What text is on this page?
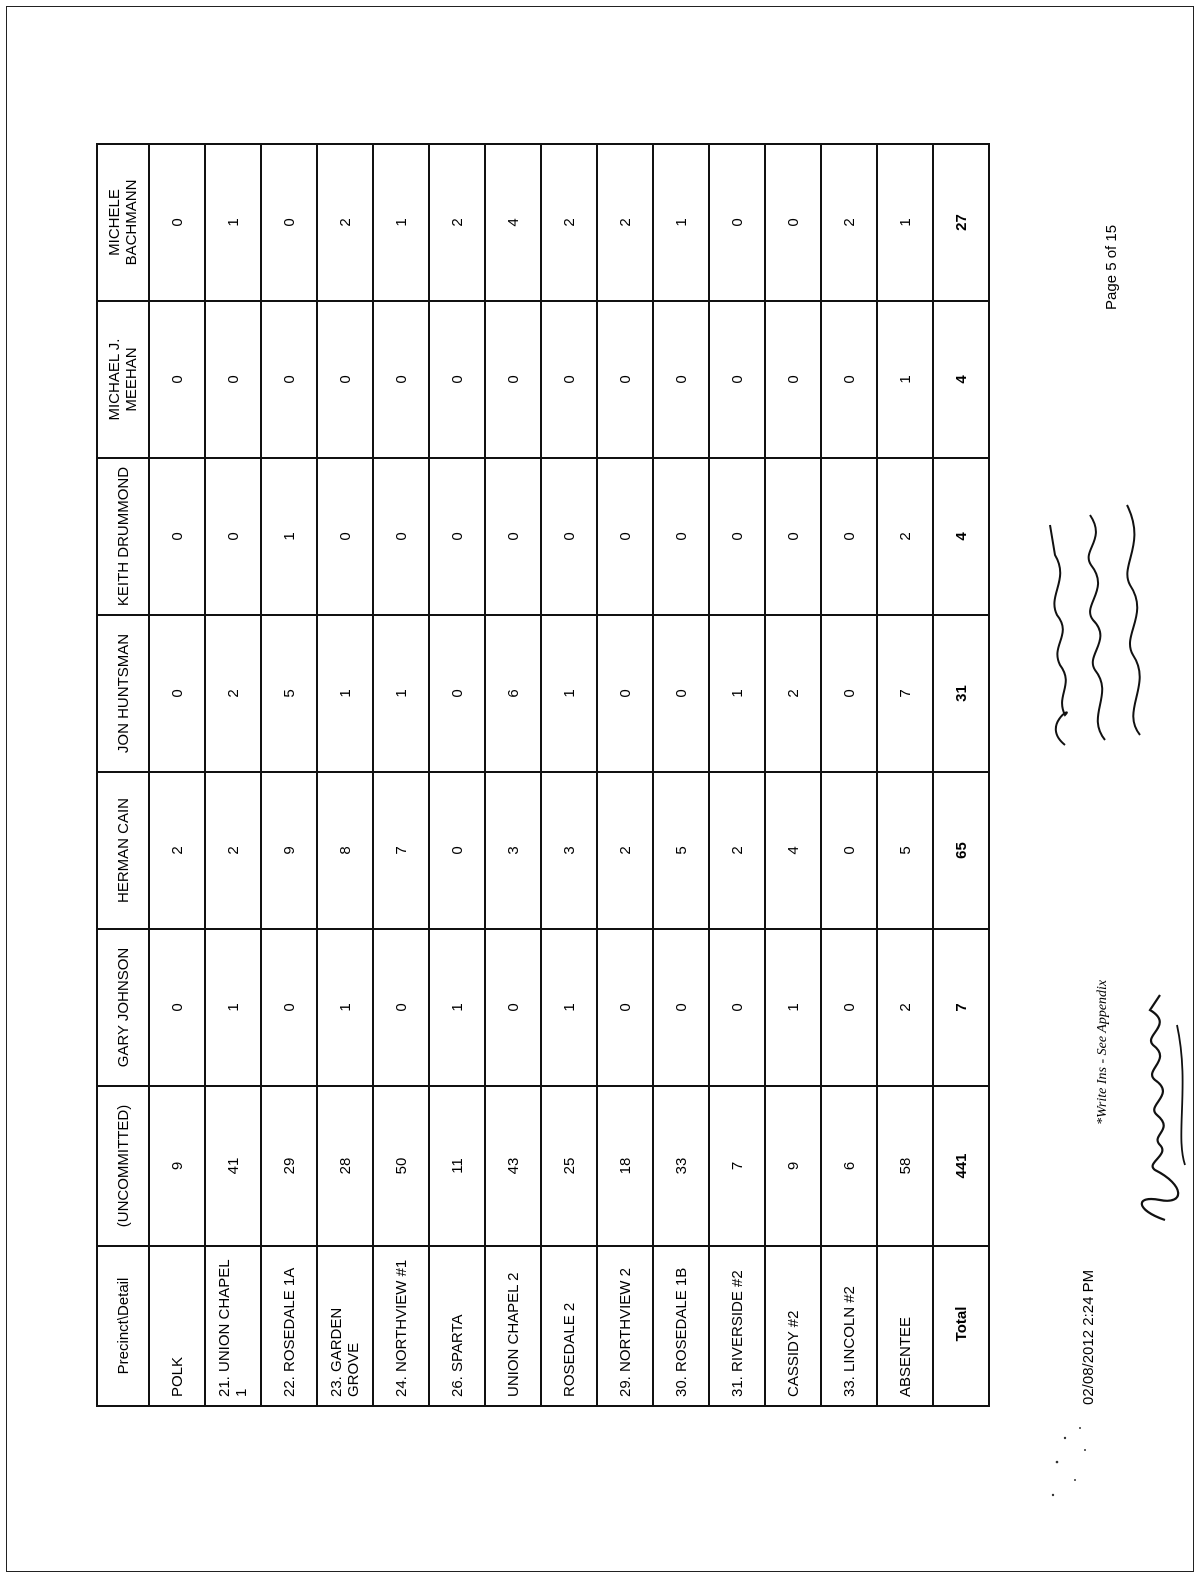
Precinct\Detail	(UNCOMMITTED)	GARY JOHNSON	HERMAN CAIN	JON HUNTSMAN	KEITH DRUMMOND	MICHAEL J. MEEHAN	MICHELE BACHMANN
POLK	9	0	2	0	0	0	0
21. UNION CHAPEL 1	41	1	2	2	0	0	1
22. ROSEDALE 1A	29	0	9	5	1	0	0
23. GARDEN GROVE	28	1	8	1	0	0	2
24. NORTHVIEW #1	50	0	7	1	0	0	1
26. SPARTA	11	1	0	0	0	0	2
UNION CHAPEL 2	43	0	3	6	0	0	4
ROSEDALE 2	25	1	3	1	0	0	2
29. NORTHVIEW 2	18	0	2	0	0	0	2
30. ROSEDALE 1B	33	0	5	0	0	0	1
31. RIVERSIDE #2	7	0	2	1	0	0	0
CASSIDY #2	9	1	4	2	0	0	0
33. LINCOLN #2	6	0	0	0	0	0	2
ABSENTEE	58	2	5	7	2	1	1
Total	441	7	65	31	4	4	27
02/08/2012 2:24 PM
*Write Ins - See Appendix
Page 5 of 15
